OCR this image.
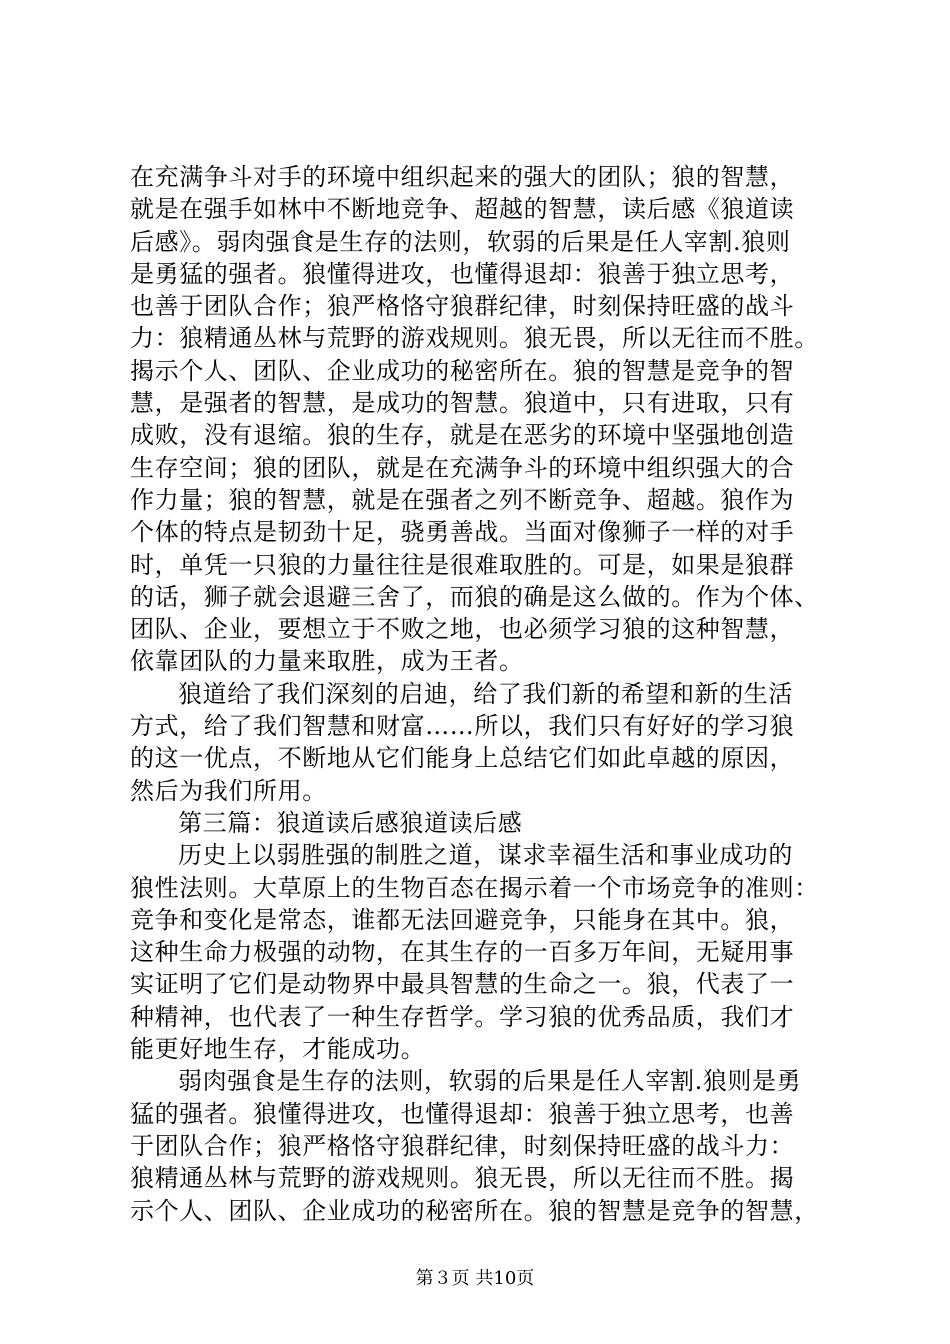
在充满争斗对手的环境中组织起来的强大的团队；狼的智慧，
就是在强手如林中不断地竞争、超越的智慧，读后感《狼道读
后感》。弱肉强食是生存的法则，软弱的后果是任人宰割.狼则
是勇猛的强者。狼懂得进攻，也懂得退却：狼善于独立思考，
也善于团队合作；狼严格恪守狼群纪律，时刻保持旺盛的战斗
力：狼精通丛林与荒野的游戏规则。狼无畏，所以无往而不胜。
揭示个人、团队、企业成功的秘密所在。狼的智慧是竞争的智
慧，是强者的智慧，是成功的智慧。狼道中，只有进取，只有
成败，没有退缩。狼的生存，就是在恶劣的环境中坚强地创造
生存空间；狼的团队，就是在充满争斗的环境中组织强大的合
作力量；狼的智慧，就是在强者之列不断竞争、超越。狼作为
个体的特点是韧劲十足，骁勇善战。当面对像狮子一样的对手
时，单凭一只狼的力量往往是很难取胜的。可是，如果是狼群
的话，狮子就会退避三舍了，而狼的确是这么做的。作为个体、
团队、企业，要想立于不败之地，也必须学习狼的这种智慧，
依靠团队的力量来取胜，成为王者。
狼道给了我们深刻的启迪，给了我们新的希望和新的生活
方式，给了我们智慧和财富……所以，我们只有好好的学习狼
的这一优点，不断地从它们能身上总结它们如此卓越的原因，
然后为我们所用。
第三篇：狼道读后感狼道读后感
历史上以弱胜强的制胜之道，谋求幸福生活和事业成功的
狼性法则。大草原上的生物百态在揭示着一个市场竞争的准则：
竞争和变化是常态，谁都无法回避竞争，只能身在其中。狼，
这种生命力极强的动物，在其生存的一百多万年间，无疑用事
实证明了它们是动物界中最具智慧的生命之一。狼，代表了一
种精神，也代表了一种生存哲学。学习狼的优秀品质，我们才
能更好地生存，才能成功。
弱肉强食是生存的法则，软弱的后果是任人宰割.狼则是勇
猛的强者。狼懂得进攻，也懂得退却：狼善于独立思考，也善
于团队合作；狼严格恪守狼群纪律，时刻保持旺盛的战斗力：
狼精通丛林与荒野的游戏规则。狼无畏，所以无往而不胜。揭
示个人、团队、企业成功的秘密所在。狼的智慧是竞争的智慧，
第３页 共10页
